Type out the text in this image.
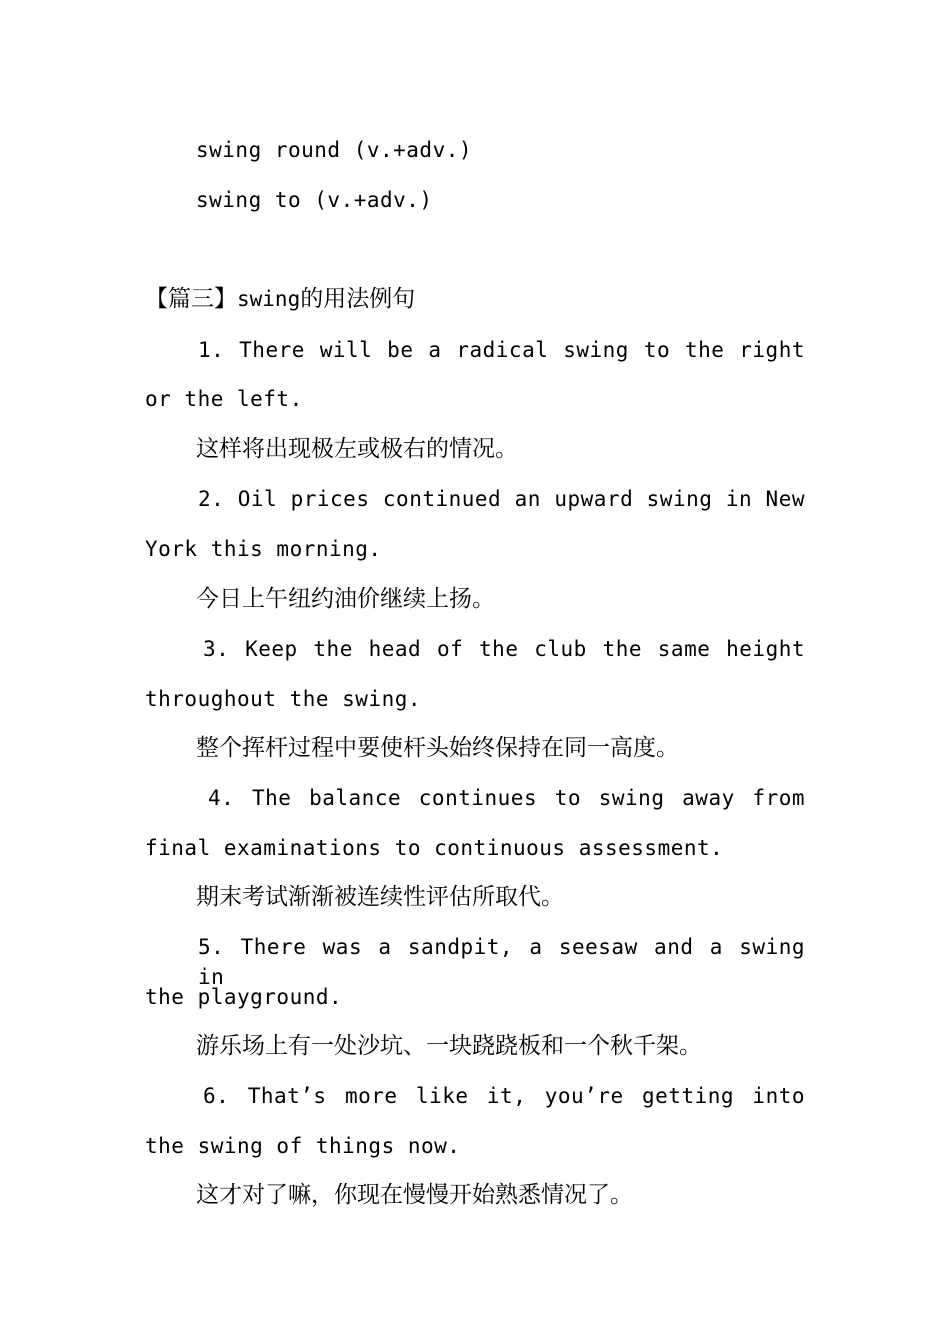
swing round (v.+adv.)

swing to (v.+adv.)

【篇三】swing的用法例句

1. There will be a radical swing to the right

or the left.

这样将出现极左或极右的情况。

2. Oil prices continued an upward swing in New

York this morning.

今日上午纽约油价继续上扬。

3. Keep the head of the club the same height

throughout the swing.

整个挥杆过程中要使杆头始终保持在同一高度。

4. The balance continues to swing away from

final examinations to continuous assessment.

期末考试渐渐被连续性评估所取代。

5. There was a sandpit, a seesaw and a swing in

the playground.

游乐场上有一处沙坑、一块跷跷板和一个秋千架。

6. That’s more like it, you’re getting into

the swing of things now.

这才对了嘛，你现在慢慢开始熟悉情况了。
